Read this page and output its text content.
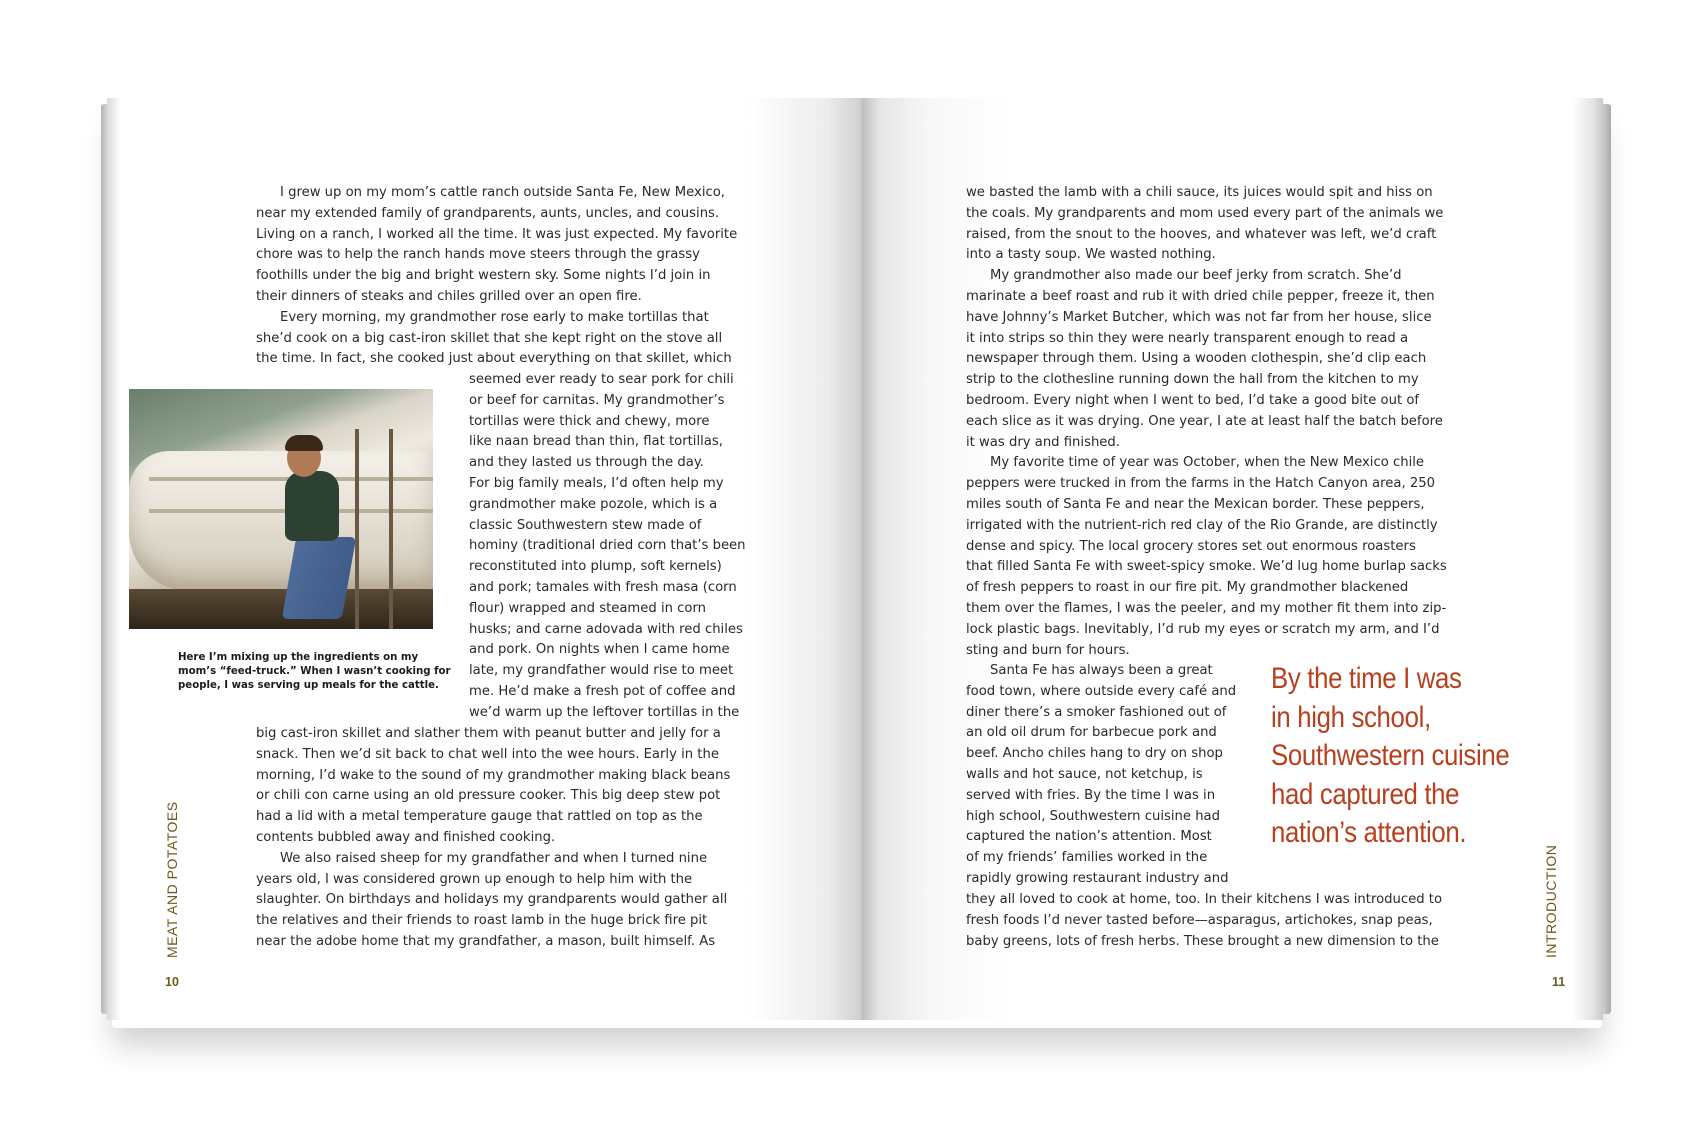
I grew up on my mom’s cattle ranch outside Santa Fe, New Mexico,
near my extended family of grandparents, aunts, uncles, and cousins.
Living on a ranch, I worked all the time. It was just expected. My favorite
chore was to help the ranch hands move steers through the grassy
foothills under the big and bright western sky. Some nights I’d join in
their dinners of steaks and chiles grilled over an open fire.
Every morning, my grandmother rose early to make tortillas that
she’d cook on a big cast-iron skillet that she kept right on the stove all
the time. In fact, she cooked just about everything on that skillet, which
Here I’m mixing up the ingredients on my
mom’s “feed-truck.” When I wasn’t cooking for
people, I was serving up meals for the cattle.
seemed ever ready to sear pork for chili
or beef for carnitas. My grandmother’s
tortillas were thick and chewy, more
like naan bread than thin, flat tortillas,
and they lasted us through the day.
For big family meals, I’d often help my
grandmother make pozole, which is a
classic Southwestern stew made of
hominy (traditional dried corn that’s been
reconstituted into plump, soft kernels)
and pork; tamales with fresh masa (corn
flour) wrapped and steamed in corn
husks; and carne adovada with red chiles
and pork. On nights when I came home
late, my grandfather would rise to meet
me. He’d make a fresh pot of coffee and
we’d warm up the leftover tortillas in the
big cast-iron skillet and slather them with peanut butter and jelly for a
snack. Then we’d sit back to chat well into the wee hours. Early in the
morning, I’d wake to the sound of my grandmother making black beans
or chili con carne using an old pressure cooker. This big deep stew pot
had a lid with a metal temperature gauge that rattled on top as the
contents bubbled away and finished cooking.
We also raised sheep for my grandfather and when I turned nine
years old, I was considered grown up enough to help him with the
slaughter. On birthdays and holidays my grandparents would gather all
the relatives and their friends to roast lamb in the huge brick fire pit
near the adobe home that my grandfather, a mason, built himself. As
we basted the lamb with a chili sauce, its juices would spit and hiss on
the coals. My grandparents and mom used every part of the animals we
raised, from the snout to the hooves, and whatever was left, we’d craft
into a tasty soup. We wasted nothing.
My grandmother also made our beef jerky from scratch. She’d
marinate a beef roast and rub it with dried chile pepper, freeze it, then
have Johnny’s Market Butcher, which was not far from her house, slice
it into strips so thin they were nearly transparent enough to read a
newspaper through them. Using a wooden clothespin, she’d clip each
strip to the clothesline running down the hall from the kitchen to my
bedroom. Every night when I went to bed, I’d take a good bite out of
each slice as it was drying. One year, I ate at least half the batch before
it was dry and finished.
My favorite time of year was October, when the New Mexico chile
peppers were trucked in from the farms in the Hatch Canyon area, 250
miles south of Santa Fe and near the Mexican border. These peppers,
irrigated with the nutrient-rich red clay of the Rio Grande, are distinctly
dense and spicy. The local grocery stores set out enormous roasters
that filled Santa Fe with sweet-spicy smoke. We’d lug home burlap sacks
of fresh peppers to roast in our fire pit. My grandmother blackened
them over the flames, I was the peeler, and my mother fit them into zip-
lock plastic bags. Inevitably, I’d rub my eyes or scratch my arm, and I’d
sting and burn for hours.
Santa Fe has always been a great
food town, where outside every café and
diner there’s a smoker fashioned out of
an old oil drum for barbecue pork and
beef. Ancho chiles hang to dry on shop
walls and hot sauce, not ketchup, is
served with fries. By the time I was in
high school, Southwestern cuisine had
captured the nation’s attention. Most
of my friends’ families worked in the
rapidly growing restaurant industry and
they all loved to cook at home, too. In their kitchens I was introduced to
fresh foods I’d never tasted before—asparagus, artichokes, snap peas,
baby greens, lots of fresh herbs. These brought a new dimension to the
By the time I was
in high school,
Southwestern cuisine
had captured the
nation’s attention.
MEAT AND POTATOES
10
INTRODUCTION
11
